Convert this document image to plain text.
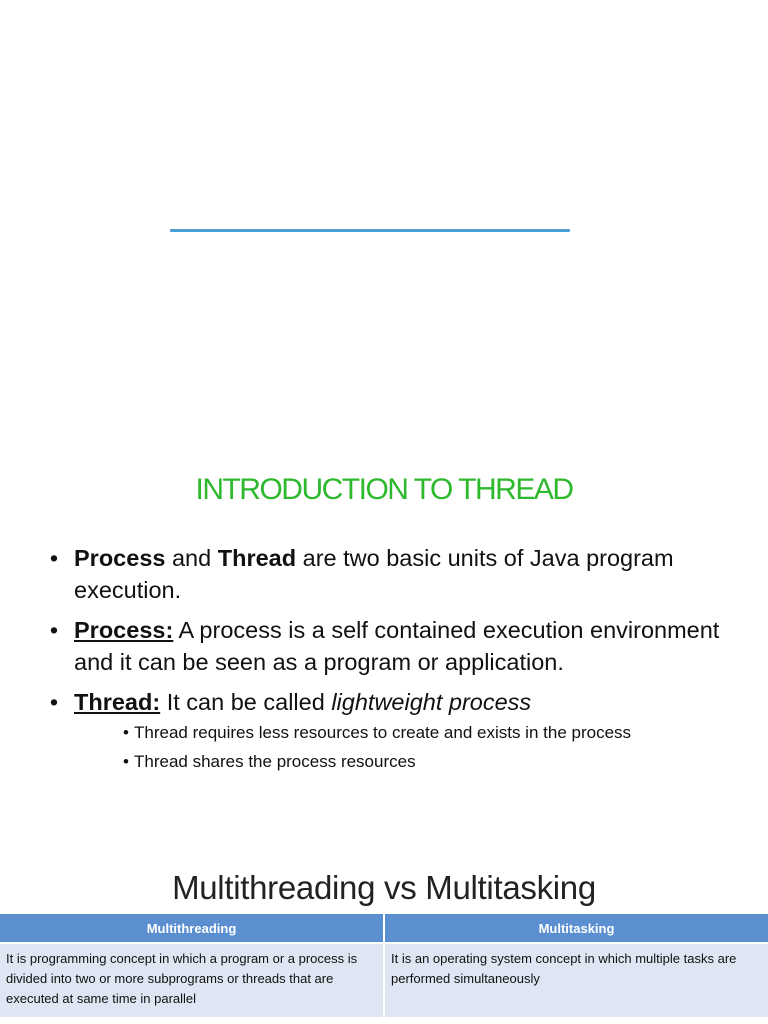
INTRODUCTION TO THREAD
• Process and Thread are two basic units of Java program execution.
• Process: A process is a self contained execution environment and it can be seen as a program or application.
• Thread: It can be called lightweight process
• Thread requires less resources to create and exists in the process
• Thread shares the process resources
Multithreading vs Multitasking
Multithreading	Multitasking
It is programming concept in which a program or a process is divided into two or more subprograms or threads that are executed at same time in parallel	It is an operating system concept in which multiple tasks are performed simultaneously
